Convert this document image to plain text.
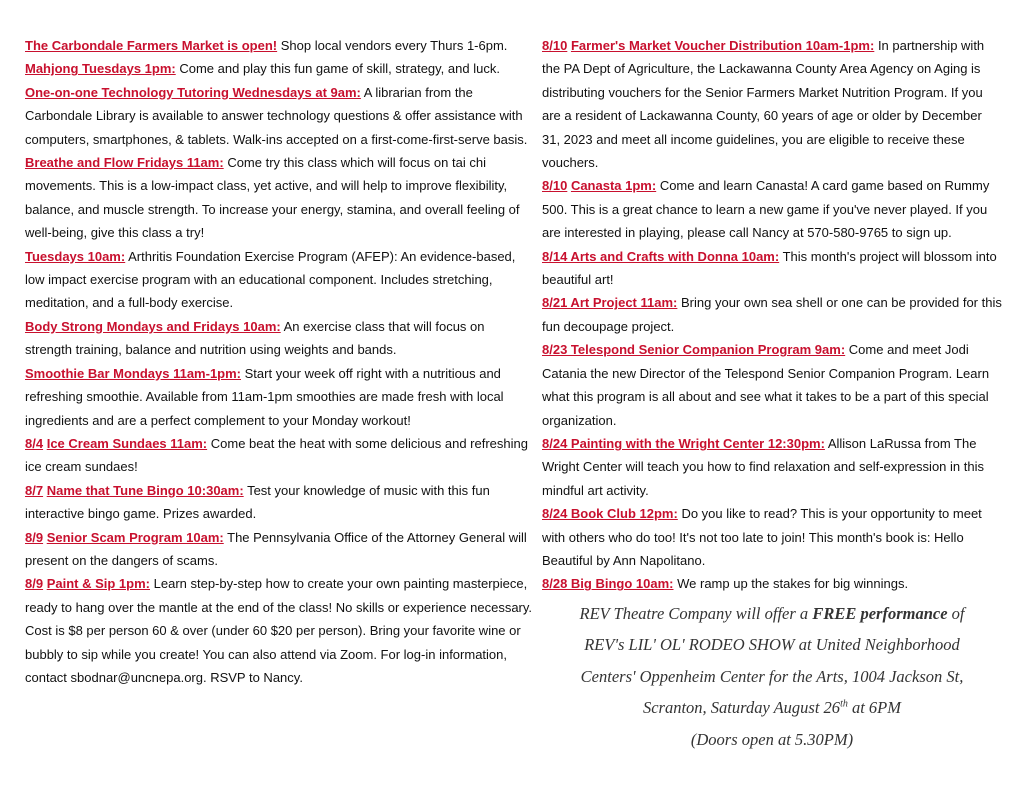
The Carbondale Farmers Market is open! Shop local vendors every Thurs 1-6pm.

Mahjong Tuesdays 1pm: Come and play this fun game of skill, strategy, and luck.

One-on-one Technology Tutoring Wednesdays at 9am: A librarian from the Carbondale Library is available to answer technology questions & offer assistance with computers, smartphones, & tablets. Walk-ins accepted on a first-come-first-serve basis.

Breathe and Flow Fridays 11am: Come try this class which will focus on tai chi movements. This is a low-impact class, yet active, and will help to improve flexibility, balance, and muscle strength. To increase your energy, stamina, and overall feeling of well-being, give this class a try!

Tuesdays 10am: Arthritis Foundation Exercise Program (AFEP): An evidence-based, low impact exercise program with an educational component. Includes stretching, meditation, and a full-body exercise.

Body Strong Mondays and Fridays 10am: An exercise class that will focus on strength training, balance and nutrition using weights and bands.

Smoothie Bar Mondays 11am-1pm: Start your week off right with a nutritious and refreshing smoothie. Available from 11am-1pm smoothies are made fresh with local ingredients and are a perfect complement to your Monday workout!

8/4 Ice Cream Sundaes 11am: Come beat the heat with some delicious and refreshing ice cream sundaes!

8/7 Name that Tune Bingo 10:30am: Test your knowledge of music with this fun interactive bingo game. Prizes awarded.

8/9 Senior Scam Program 10am: The Pennsylvania Office of the Attorney General will present on the dangers of scams.

8/9 Paint & Sip 1pm: Learn step-by-step how to create your own painting masterpiece, ready to hang over the mantle at the end of the class! No skills or experience necessary. Cost is $8 per person 60 & over (under 60 $20 per person). Bring your favorite wine or bubbly to sip while you create! You can also attend via Zoom. For log-in information, contact sbodnar@uncnepa.org. RSVP to Nancy.

8/10 Farmer's Market Voucher Distribution 10am-1pm: In partnership with the PA Dept of Agriculture, the Lackawanna County Area Agency on Aging is distributing vouchers for the Senior Farmers Market Nutrition Program. If you are a resident of Lackawanna County, 60 years of age or older by December 31, 2023 and meet all income guidelines, you are eligible to receive these vouchers.

8/10 Canasta 1pm: Come and learn Canasta! A card game based on Rummy 500. This is a great chance to learn a new game if you've never played. If you are interested in playing, please call Nancy at 570-580-9765 to sign up.

8/14 Arts and Crafts with Donna 10am: This month's project will blossom into beautiful art!

8/21 Art Project 11am: Bring your own sea shell or one can be provided for this fun decoupage project.

8/23 Telespond Senior Companion Program 9am: Come and meet Jodi Catania the new Director of the Telespond Senior Companion Program. Learn what this program is all about and see what it takes to be a part of this special organization.

8/24 Painting with the Wright Center 12:30pm: Allison LaRussa from The Wright Center will teach you how to find relaxation and self-expression in this mindful art activity.

8/24 Book Club 12pm: Do you like to read? This is your opportunity to meet with others who do too! It's not too late to join! This month's book is: Hello Beautiful by Ann Napolitano.

8/28 Big Bingo 10am: We ramp up the stakes for big winnings.

REV Theatre Company will offer a FREE performance of
REV's LIL' OL' RODEO SHOW at United Neighborhood
Centers' Oppenheim Center for the Arts, 1004 Jackson St,
Scranton, Saturday August 26th at 6PM
(Doors open at 5.30PM)
